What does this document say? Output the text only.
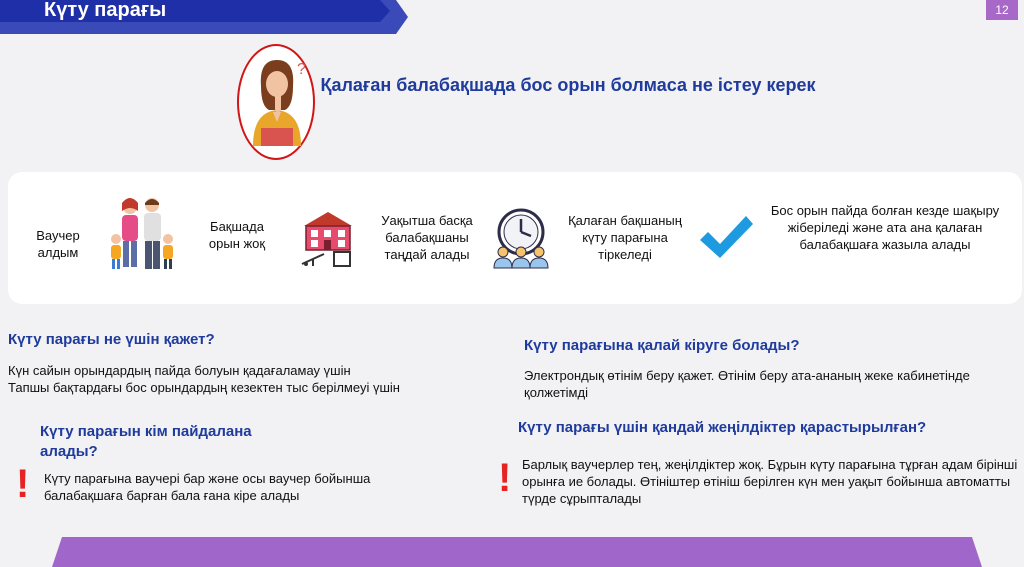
Күту парағы	12
?
Қалаған балабақшада бос орын болмаса не істеу керек
Ваучер алдым
Бақшада орын жоқ
Уақытша басқа балабақшаны таңдай алады
Қалаған бақшаның күту парағына тіркеледі
Бос орын пайда болған кезде шақыру жіберіледі және ата ана қалаған балабақшаға жазыла алады
Күту парағы не үшін қажет?
Күн сайын орындардың пайда болуын қадағаламау үшін
Тапшы бақтардағы бос орындардың кезектен тыс берілмеуі үшін
Күту парағын кім пайдалана алады?
! Күту парағына ваучері бар және осы ваучер бойынша балабақшаға барған бала ғана кіре алады
Күту парағына қалай кіруге болады?
Электрондық өтінім беру қажет. Өтінім беру ата-ананың жеке кабинетінде қолжетімді
Күту парағы үшін қандай жеңілдіктер қарастырылған?
! Барлық ваучерлер тең, жеңілдіктер жоқ. Бұрын күту парағына тұрған адам бірінші орынға ие болады. Өтініштер өтініш берілген күн мен уақыт бойынша автоматты түрде сұрыпталады
